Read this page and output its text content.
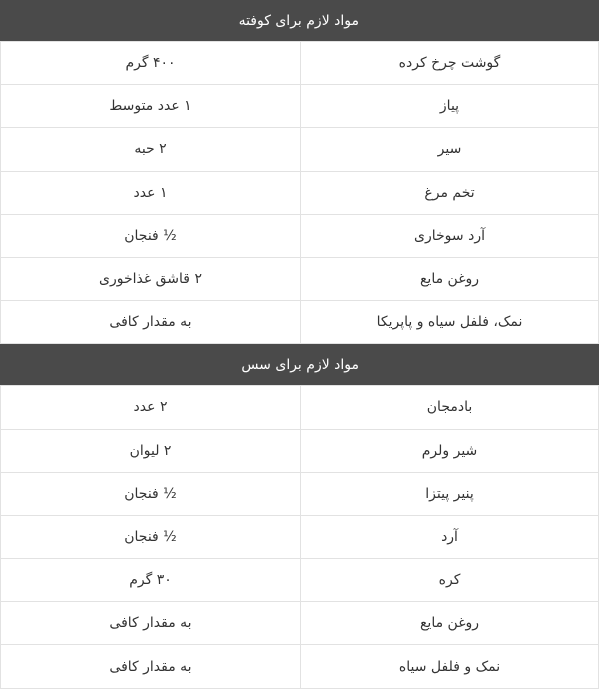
مواد لازم برای کوفته
گوشت چرخ کرده
۴۰۰ گرم
پیاز
۱ عدد متوسط
سیر
۲ حبه
تخم مرغ
۱ عدد
آرد سوخاری
½ فنجان
روغن مایع
۲ قاشق غذاخوری
نمک، فلفل سیاه و پاپریکا
به مقدار کافی
مواد لازم برای سس
بادمجان
۲ عدد
شیر ولرم
۲ لیوان
پنیر پیتزا
½ فنجان
آرد
½ فنجان
کره
۳۰ گرم
روغن مایع
به مقدار کافی
نمک و فلفل سیاه
به مقدار کافی
